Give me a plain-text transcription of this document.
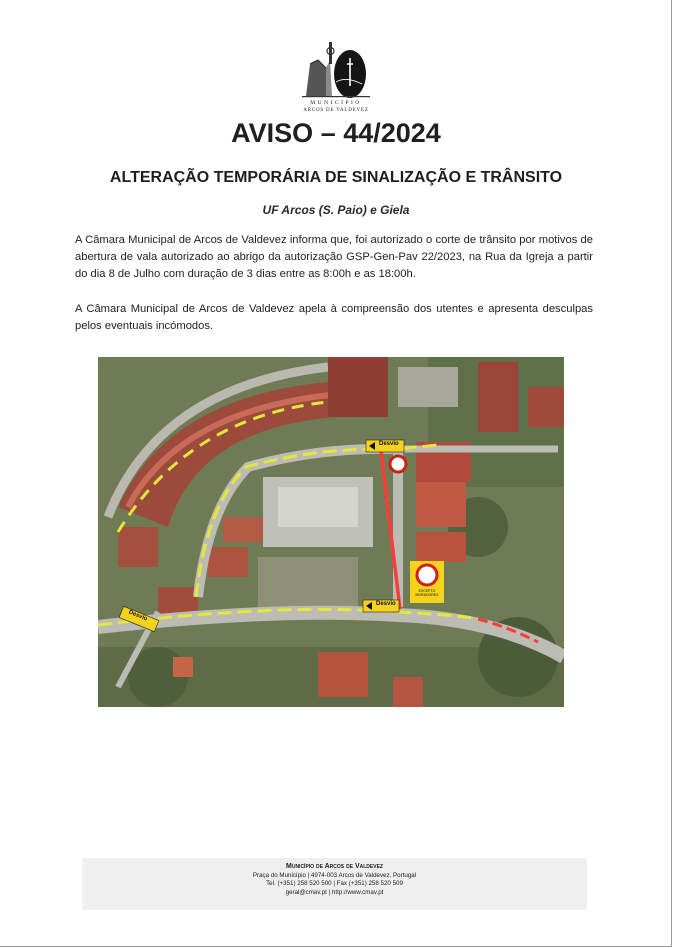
MUNICÍPIO
ARCOS DE VALDEVEZ
AVISO – 44/2024
ALTERAÇÃO TEMPORÁRIA DE SINALIZAÇÃO E TRÂNSITO
UF Arcos (S. Paio) e Giela

A Câmara Municipal de Arcos de Valdevez informa que, foi autorizado o corte de trânsito por motivos de abertura de vala autorizado ao abrigo da autorização GSP-Gen-Pav 22/2023, na Rua da Igreja a partir do dia 8 de Julho com duração de 3 dias entre as 8:00h e as 18:00h.

A Câmara Municipal de Arcos de Valdevez apela à compreensão dos utentes e apresenta desculpas pelos eventuais incómodos.

Desvio
Desvio
Desvio
EXCEPTO MORADORES
Município de Arcos de Valdevez
Praça do Município | 4974-003 Arcos de Valdevez, Portugal
Tel. (+351) 258 520 500 | Fax (+351) 258 520 509
geral@cmav.pt | http://www.cmav.pt
